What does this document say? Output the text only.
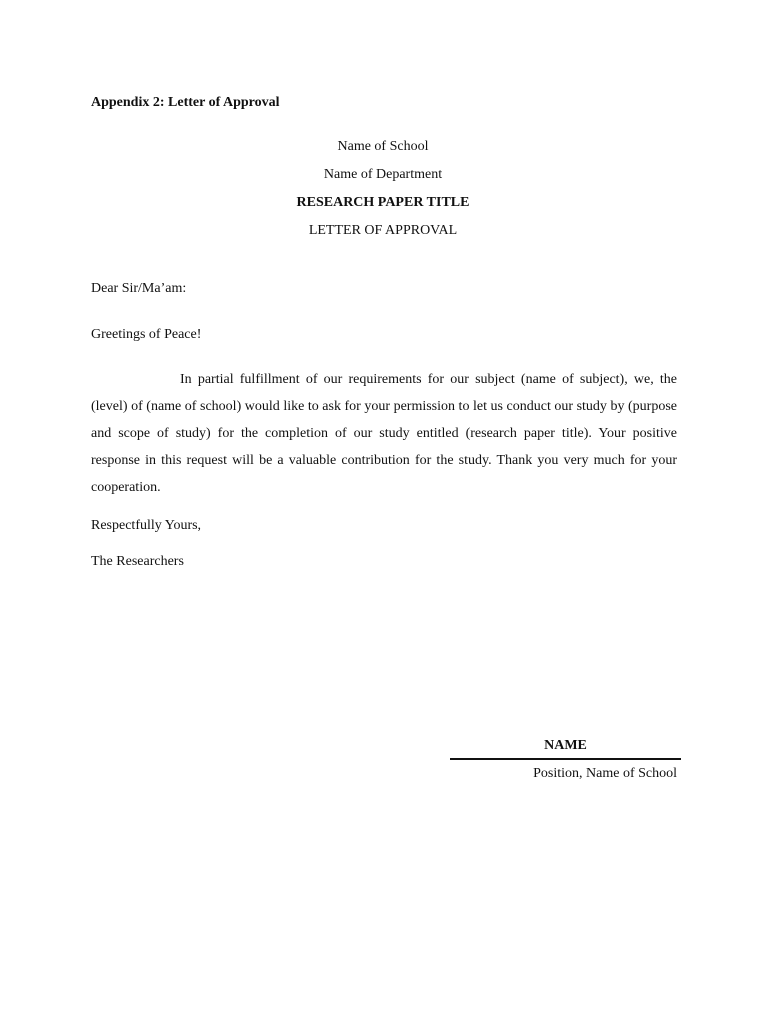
Appendix 2: Letter of Approval
Name of School
Name of Department
RESEARCH PAPER TITLE
LETTER OF APPROVAL
Dear Sir/Ma’am:
Greetings of Peace!
In partial fulfillment of our requirements for our subject (name of subject), we, the (level) of (name of school) would like to ask for your permission to let us conduct our study by (purpose and scope of study) for the completion of our study entitled (research paper title). Your positive response in this request will be a valuable contribution for the study. Thank you very much for your cooperation.
Respectfully Yours,
The Researchers
NAME
Position, Name of School
